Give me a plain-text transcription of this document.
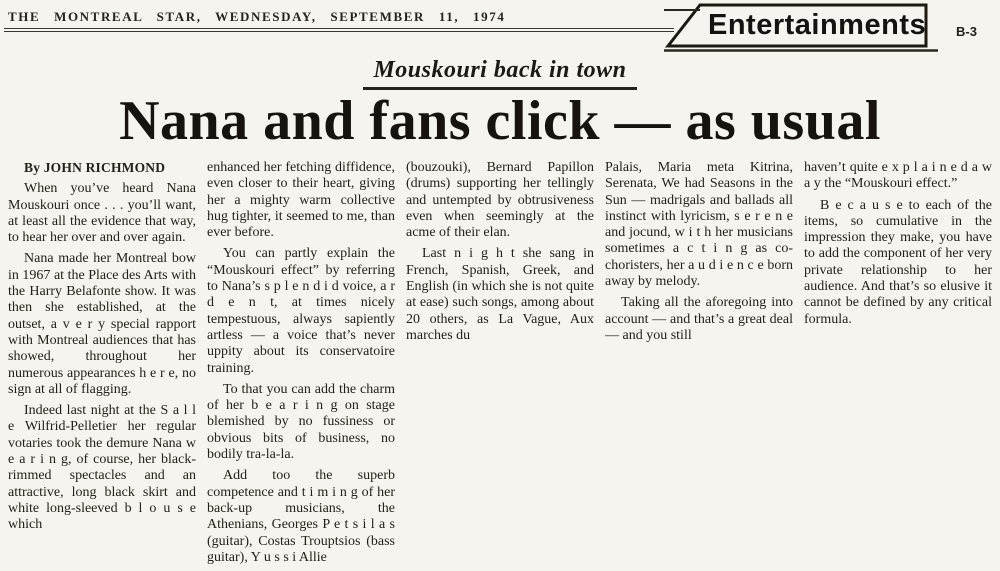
THE MONTREAL STAR, WEDNESDAY, SEPTEMBER 11, 1974	Entertainments B-3
Mouskouri back in town
Nana and fans click — as usual

By JOHN RICHMOND

When you’ve heard Nana Mouskouri once . . . you’ll want, at least all the evidence that way, to hear her over and over again.

Nana made her Montreal bow in 1967 at the Place des Arts with the Harry Belafonte show. It was then she established, at the outset, a v e r y special rapport with Montreal audiences that has showed, throughout her numerous appearances h e r e, no sign at all of flagging.

Indeed last night at the S a l l e Wilfrid-Pelletier her regular votaries took the demure Nana w e a r i n g, of course, her black-rimmed spectacles and an attractive, long black skirt and white long-sleeved b l o u s e which

enhanced her fetching diffidence, even closer to their heart, giving her a mighty warm collective hug tighter, it seemed to me, than ever before.

You can partly explain the “Mouskouri effect” by referring to Nana’s s p l e n d i d voice, a r d e n t, at times nicely tempestuous, always sapiently artless — a voice that’s never uppity about its conservatoire training.

To that you can add the charm of her b e a r i n g on stage blemished by no fussiness or obvious bits of business, no bodily tra-la-la.

Add too the superb competence and t i m i n g of her back-up musicians, the Athenians, Georges P e t s i l a s (guitar), Costas Trouptsios (bass guitar), Y u s s i Allie

(bouzouki), Bernard Papillon (drums) supporting her tellingly and untempted by obtrusiveness even when seemingly at the acme of their elan.

Last n i g h t she sang in French, Spanish, Greek, and English (in which she is not quite at ease) such songs, among about 20 others, as La Vague, Aux marches du

Palais, Maria meta Kitrina, Serenata, We had Seasons in the Sun — madrigals and ballads all instinct with lyricism, s e r e n e and jocund, w i t h her musicians sometimes a c t i n g as co-choristers, her a u d i e n c e born away by melody.

Taking all the aforegoing into account — and that’s a great deal — and you still

haven’t quite e x p l a i n e d a w a y the “Mouskouri effect.”

B e c a u s e to each of the items, so cumulative in the impression they make, you have to add the component of her very private relationship to her audience. And that’s so elusive it cannot be defined by any critical formula.
